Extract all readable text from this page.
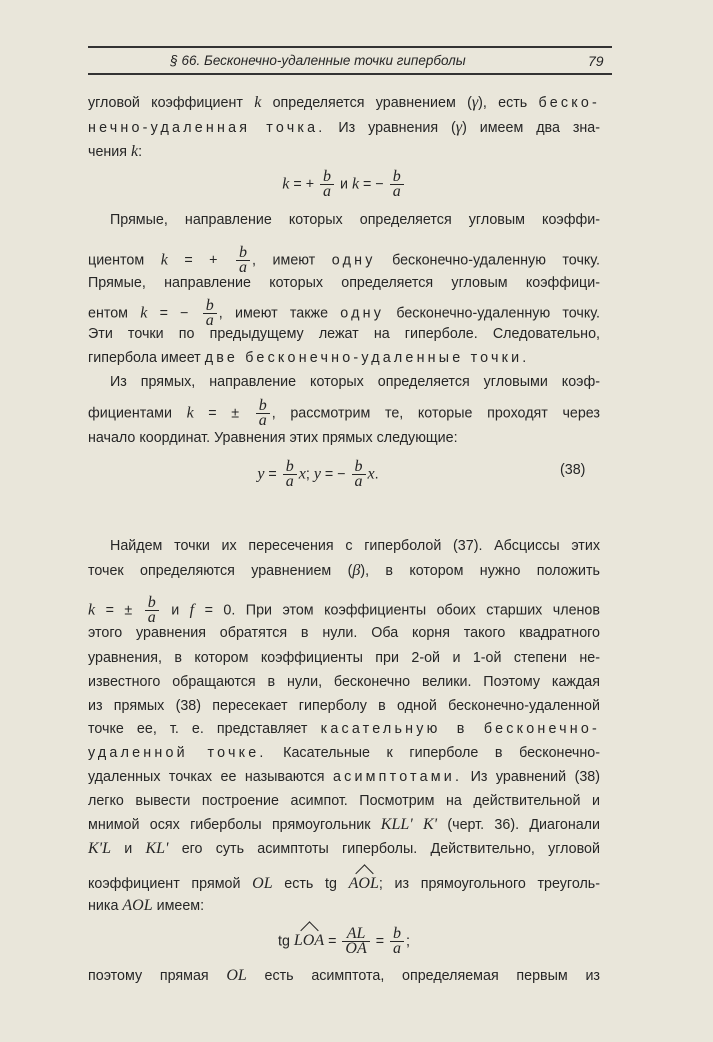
§ 66. Бесконечно-удаленные точки гиперболы	79
(38)
угловой коэффициент k определяется уравнением (γ), есть беско-
нечно-удаленная точка. Из уравнения (γ) имеем два зна-
чения k:
k = + $\frac{b}{a}$ и k = − $\frac{b}{a}$
Прямые, направление которых определяется угловым коэффи-
циентом k = + $\frac{b}{a}$ , имеют одну бесконечно-удаленную точку.
Прямые, направление которых определяется угловым коэффици-
ентом k = − $\frac{b}{a}$ , имеют также одну бесконечно-удаленную точку.
Эти точки по предыдущему лежат на гиперболе. Следовательно,
гипербола имеет две бесконечно-удаленные точки.
Из прямых, направление которых определяется угловыми коэф-
фициентами k = ± $\frac{b}{a}$ , рассмотрим те, которые проходят через
начало координат. Уравнения этих прямых следующие:
$y = \frac{b}{a} x$; y = − $\frac{b}{a} x$.
Найдем точки их пересечения с гиперболой (37). Абсциссы этих
точек определяются уравнением (β), в котором нужно положить
k = ± $\frac{b}{a}$ и f = 0. При этом коэффициенты обоих старших членов
этого уравнения обратятся в нули. Оба корня такого квадратного
уравнения, в котором коэффициенты при 2-ой и 1-ой степени не-
известного обращаются в нули, бесконечно велики. Поэтому каждая
из прямых (38) пересекает гиперболу в одной бесконечно-удаленной
точке ее, т. е. представляет касательную в бесконечно-
удаленной точке. Касательные к гиперболе в бесконечно-
удаленных точках ее называются асимптотами. Из уравнений (38)
легко вывести построение асимпот. Посмотрим на действительной и
мнимой осях гиберболы прямоугольник KLL' K' (черт. 36). Диагонали
K'L и KL' его суть асимптоты гиперболы. Действительно, угловой
коэффициент прямой OL есть tg AOL; из прямоугольного треуголь-
ника AOL имеем:
tg LOA = $\frac{AL}{OA} = \frac{b}{a}$ ;
поэтому прямая OL есть асимптота, определяемая первым из
